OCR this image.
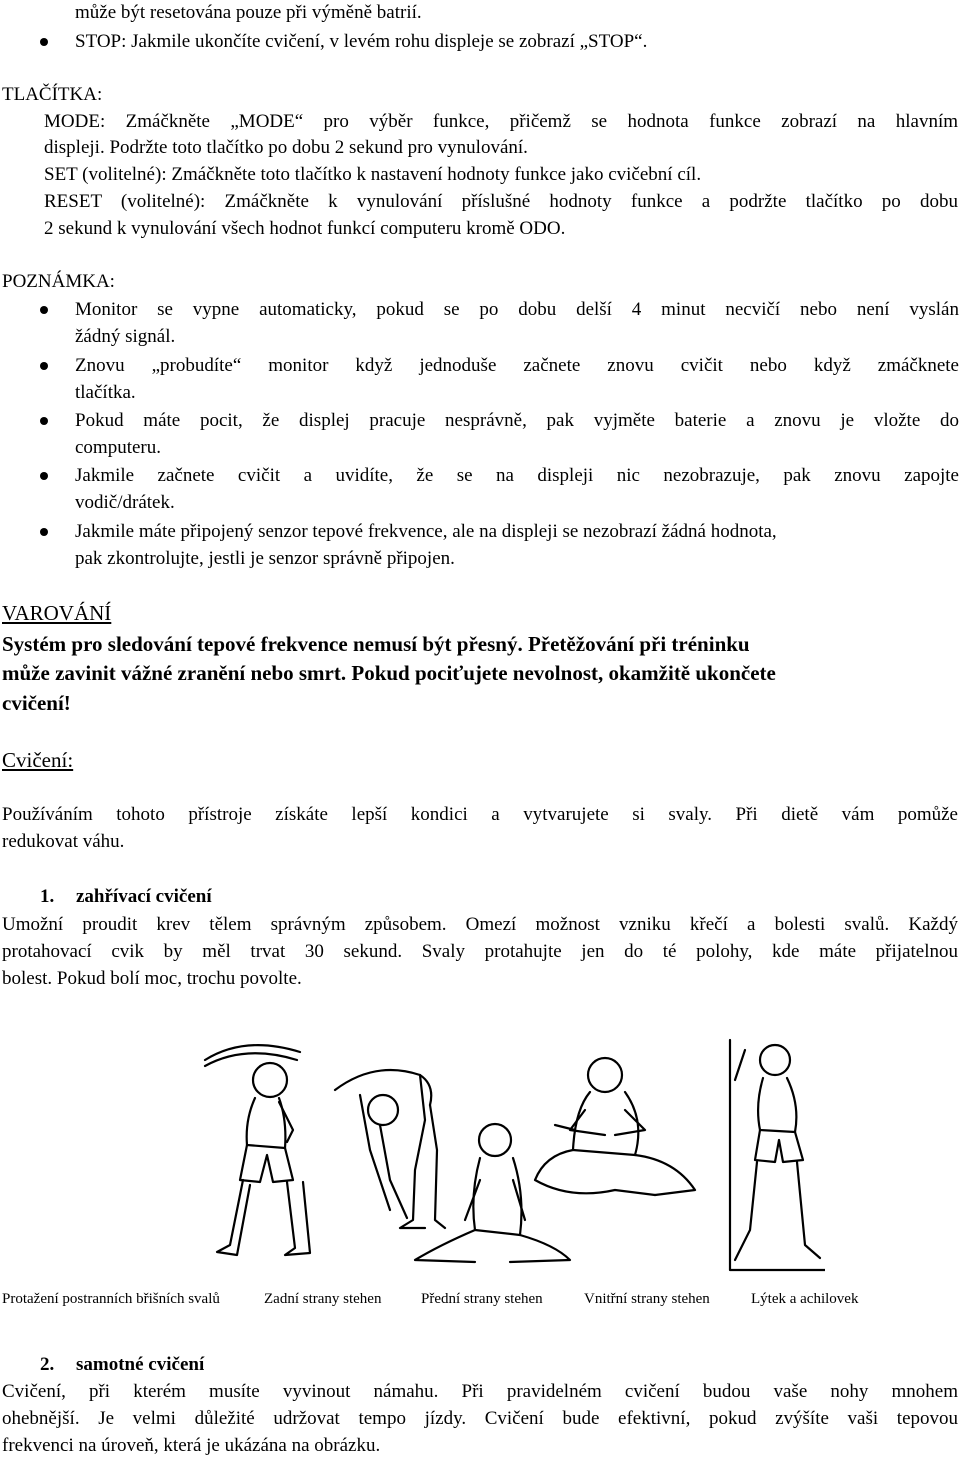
může být resetována pouze při výměně batrií.
STOP: Jakmile ukončíte cvičení, v levém rohu displeje se zobrazí „STOP“.
TLAČÍTKA:
MODE: Zmáčkněte „MODE“ pro výběr funkce, přičemž se hodnota funkce zobrazí na hlavním
displeji. Podržte toto tlačítko po dobu 2 sekund pro vynulování.
SET (volitelné): Zmáčkněte toto tlačítko k nastavení hodnoty funkce jako cvičební cíl.
RESET (volitelné): Zmáčkněte k vynulování příslušné hodnoty funkce a podržte tlačítko po dobu
2 sekund k vynulování všech hodnot funkcí computeru kromě ODO.
POZNÁMKA:
Monitor se vypne automaticky, pokud se po dobu delší 4 minut necvičí nebo není vyslán
žádný signál.
Znovu „probudíte“ monitor když jednoduše začnete znovu cvičit nebo když zmáčknete
tlačítka.
Pokud máte pocit, že displej pracuje nesprávně, pak vyjměte baterie a znovu je vložte do
computeru.
Jakmile začnete cvičit a uvidíte, že se na displeji nic nezobrazuje, pak znovu zapojte
vodič/drátek.
Jakmile máte připojený senzor tepové frekvence, ale na displeji se nezobrazí žádná hodnota,
pak zkontrolujte, jestli je senzor správně připojen.
VAROVÁNÍ
Systém pro sledování tepové frekvence nemusí být přesný. Přetěžování při tréninku
může zavinit vážné zranění nebo smrt. Pokud pociťujete nevolnost, okamžitě ukončete
cvičení!
Cvičení:
Používáním tohoto přístroje získáte lepší kondici a vytvarujete si svaly. Při dietě vám pomůže
redukovat váhu.
1. zahřívací cvičení
Umožní proudit krev tělem správným způsobem. Omezí možnost vzniku křečí a bolesti svalů. Každý
protahovací cvik by měl trvat 30 sekund. Svaly protahujte jen do té polohy, kde máte přijatelnou
bolest. Pokud bolí moc, trochu povolte.
Protažení postranních břišních svalů	Zadní strany stehen	Přední strany stehen	Vnitřní strany stehen	Lýtek a achilovek
2. samotné cvičení
Cvičení, při kterém musíte vyvinout námahu. Při pravidelném cvičení budou vaše nohy mnohem
ohebnější. Je velmi důležité udržovat tempo jízdy. Cvičení bude efektivní, pokud zvýšíte vaši tepovou
frekvenci na úroveň, která je ukázána na obrázku.
